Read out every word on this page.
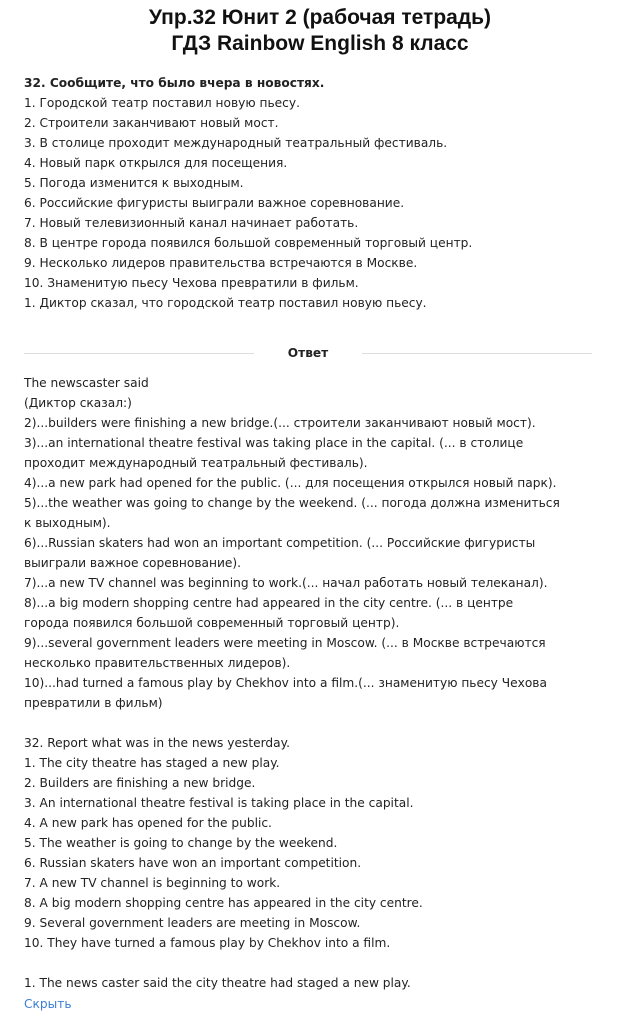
Упр.32 Юнит 2 (рабочая тетрадь)
ГДЗ Rainbow English 8 класс

32. Сообщите, что было вчера в новостях.

1. Городской театр поставил новую пьесу.

2. Строители заканчивают новый мост.

3. В столице проходит международный театральный фестиваль.

4. Новый парк открылся для посещения.

5. Погода изменится к выходным.

6. Российские фигуристы выиграли важное соревнование.

7. Новый телевизионный канал начинает работать.

8. В центре города появился большой современный торговый центр.

9. Несколько лидеров правительства встречаются в Москве.

10. Знаменитую пьесу Чехова превратили в фильм.

1. Диктор сказал, что городской театр поставил новую пьесу.

Ответ

The newscaster said

(Диктор сказал:)

2)...builders were finishing a new bridge.(... строители заканчивают новый мост).

3)...an international theatre festival was taking place in the capital. (... в столице

проходит международный театральный фестиваль).

4)...a new park had opened for the public. (... для посещения открылся новый парк).

5)...the weather was going to change by the weekend. (... погода должна измениться

к выходным).

6)...Russian skaters had won an important competition. (... Российские фигуристы

выиграли важное соревнование).

7)...a new TV channel was beginning to work.(... начал работать новый телеканал).

8)...a big modern shopping centre had appeared in the city centre. (... в центре

города появился большой современный торговый центр).

9)...several government leaders were meeting in Moscow. (... в Москве встречаются

несколько правительственных лидеров).

10)...had turned a famous play by Chekhov into a film.(... знаменитую пьесу Чехова

превратили в фильм)

32. Report what was in the news yesterday.

1. The city theatre has staged a new play.

2. Builders are finishing a new bridge.

3. An international theatre festival is taking place in the capital.

4. A new park has opened for the public.

5. The weather is going to change by the weekend.

6. Russian skaters have won an important competition.

7. A new TV channel is beginning to work.

8. A big modern shopping centre has appeared in the city centre.

9. Several government leaders are meeting in Moscow.

10. They have turned a famous play by Chekhov into a film.

1. The news caster said the city theatre had staged a new play.

Скрыть
